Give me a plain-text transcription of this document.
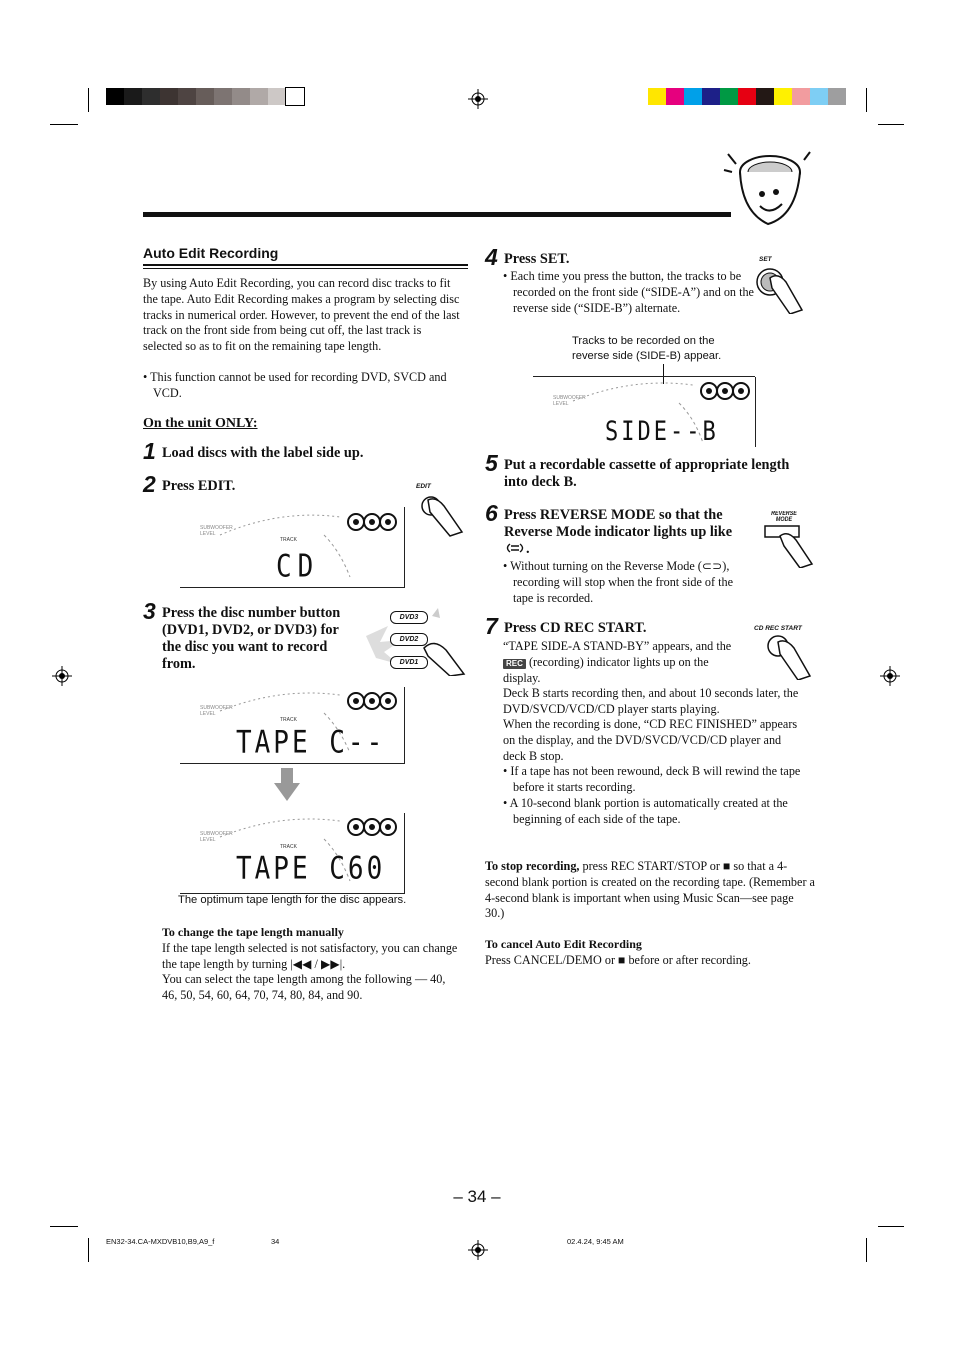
Auto Edit Recording

By using Auto Edit Recording, you can record disc tracks to fit the tape. Auto Edit Recording makes a program by selecting disc tracks in numerical order. However, to prevent the end of the last track on the front side from being cut off, the last track is selected so as to fit on the remaining tape length.

• This function cannot be used for recording DVD, SVCD and VCD.

On the unit ONLY:
1 Load discs with the label side up.
2 Press EDIT.	EDIT
SUBWOOFER LEVEL
TRACK
CD
3 Press the disc number button (DVD1, DVD2, or DVD3) for the disc you want to record from.
DVD3
DVD2
DVD1
SUBWOOFER LEVEL
TRACK
TAPE C--
SUBWOOFER LEVEL
TRACK
TAPE C60
The optimum tape length for the disc appears.
To change the tape length manually

If the tape length selected is not satisfactory, you can change the tape length by turning |◀◀ / ▶▶|.

You can select the tape length among the following — 40, 46, 50, 54, 60, 64, 70, 74, 80, 84, and 90.

4 Press SET.

• Each time you press the button, the tracks to be recorded on the front side (“SIDE-A”) and on the reverse side (“SIDE-B”) alternate.

SET
Tracks to be recorded on the reverse side (SIDE-B) appear.
SUBWOOFER LEVEL
SIDE--B
5 Put a recordable cassette of appropriate length into deck B.
6 Press REVERSE MODE so that the Reverse Mode indicator lights up like .

• Without turning on the Reverse Mode (⊂⊃), recording will stop when the front side of the tape is recorded.

REVERSE MODE
7 Press CD REC START.	CD REC START
“TAPE SIDE-A STAND-BY” appears, and the REC (recording) indicator lights up on the display.

Deck B starts recording then, and about 10 seconds later, the DVD/SVCD/VCD/CD player starts playing.

When the recording is done, “CD REC FINISHED” appears on the display, and the DVD/SVCD/VCD/CD player and deck B stop.

• If a tape has not been rewound, deck B will rewind the tape before it starts recording.

• A 10-second blank portion is automatically created at the beginning of each side of the tape.

To stop recording, press REC START/STOP or ■ so that a 4-second blank portion is created on the recording tape. (Remember a 4-second blank is important when using Music Scan—see page 30.)

To cancel Auto Edit Recording

Press CANCEL/DEMO or ■ before or after recording.

– 34 –
EN32-34.CA-MXDVB10,B9,A9_f	34	02.4.24, 9:45 AM
